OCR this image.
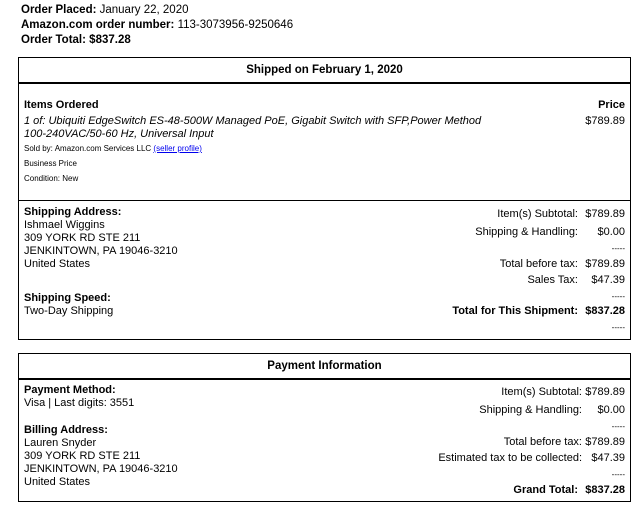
Order Placed: January 22, 2020
Amazon.com order number: 113-3073956-9250646
Order Total: $837.28
Shipped on February 1, 2020
Items Ordered	Price
1 of: Ubiquiti EdgeSwitch ES-48-500W Managed PoE, Gigabit Switch with SFP,Power Method	$789.89
100-240VAC/50-60 Hz, Universal Input
Sold by: Amazon.com Services LLC (seller profile)
Business Price
Condition: New
Shipping Address:
Ishmael Wiggins
309 YORK RD STE 211
JENKINTOWN, PA 19046-3210
United States
Shipping Speed:
Two-Day Shipping
Item(s) Subtotal: $789.89
Shipping & Handling: $0.00
-----
Total before tax: $789.89
Sales Tax: $47.39
-----
Total for This Shipment: $837.28
-----
Payment Information
Payment Method:
Visa | Last digits: 3551
Billing Address:
Lauren Snyder
309 YORK RD STE 211
JENKINTOWN, PA 19046-3210
United States
Item(s) Subtotal: $789.89
Shipping & Handling: $0.00
-----
Total before tax: $789.89
Estimated tax to be collected: $47.39
-----
Grand Total: $837.28
